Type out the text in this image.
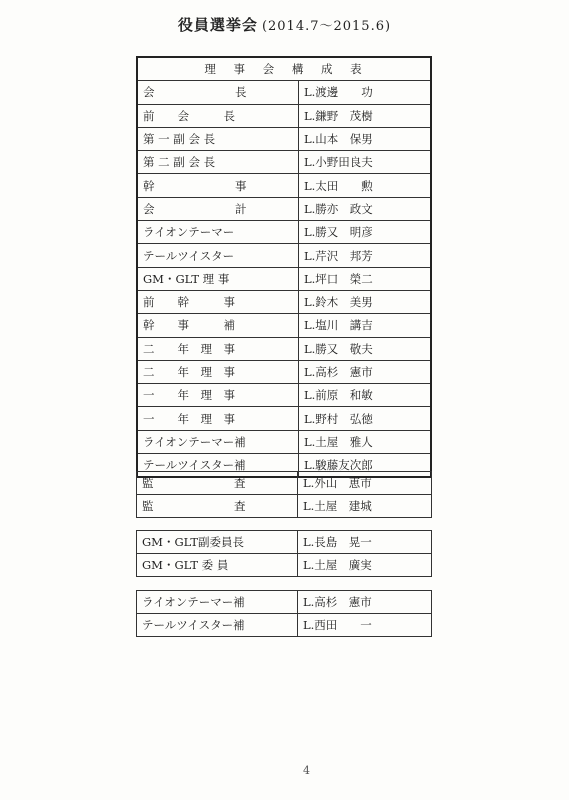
役員選挙会 (2014.7～2015.6)
理 事 会 構 成 表	
会　　　　　　　長	L.渡邊　　功
前　　会　　　長	L.鎌野　茂樹
第 一 副 会 長	L.山本　保男
第 二 副 会 長	L.小野田良夫
幹　　　　　　　事	L.太田　　勲
会　　　　　　　計	L.勝亦　政文
ライオンテーマー	L.勝又　明彦
テールツイスター	L.芹沢　邦芳
GM・GLT 理 事	L.坪口　榮二
前　　幹　　　事	L.鈴木　美男
幹　　事　　　補	L.塩川　講吉
二　　年　理　事	L.勝又　敬夫
二　　年　理　事	L.高杉　憲市
一　　年　理　事	L.前原　和敏
一　　年　理　事	L.野村　弘徳
ライオンテーマー補	L.土屋　雅人
テールツイスター補	L.駿藤友次郎
監　　　　　　　査	L.外山　恵市
監　　　　　　　査	L.土屋　建城
GM・GLT副委員長	L.長島　晃一
GM・GLT 委 員	L.土屋　廣実
ライオンテーマー補	L.高杉　憲市
テールツイスター補	L.西田　　一
4
